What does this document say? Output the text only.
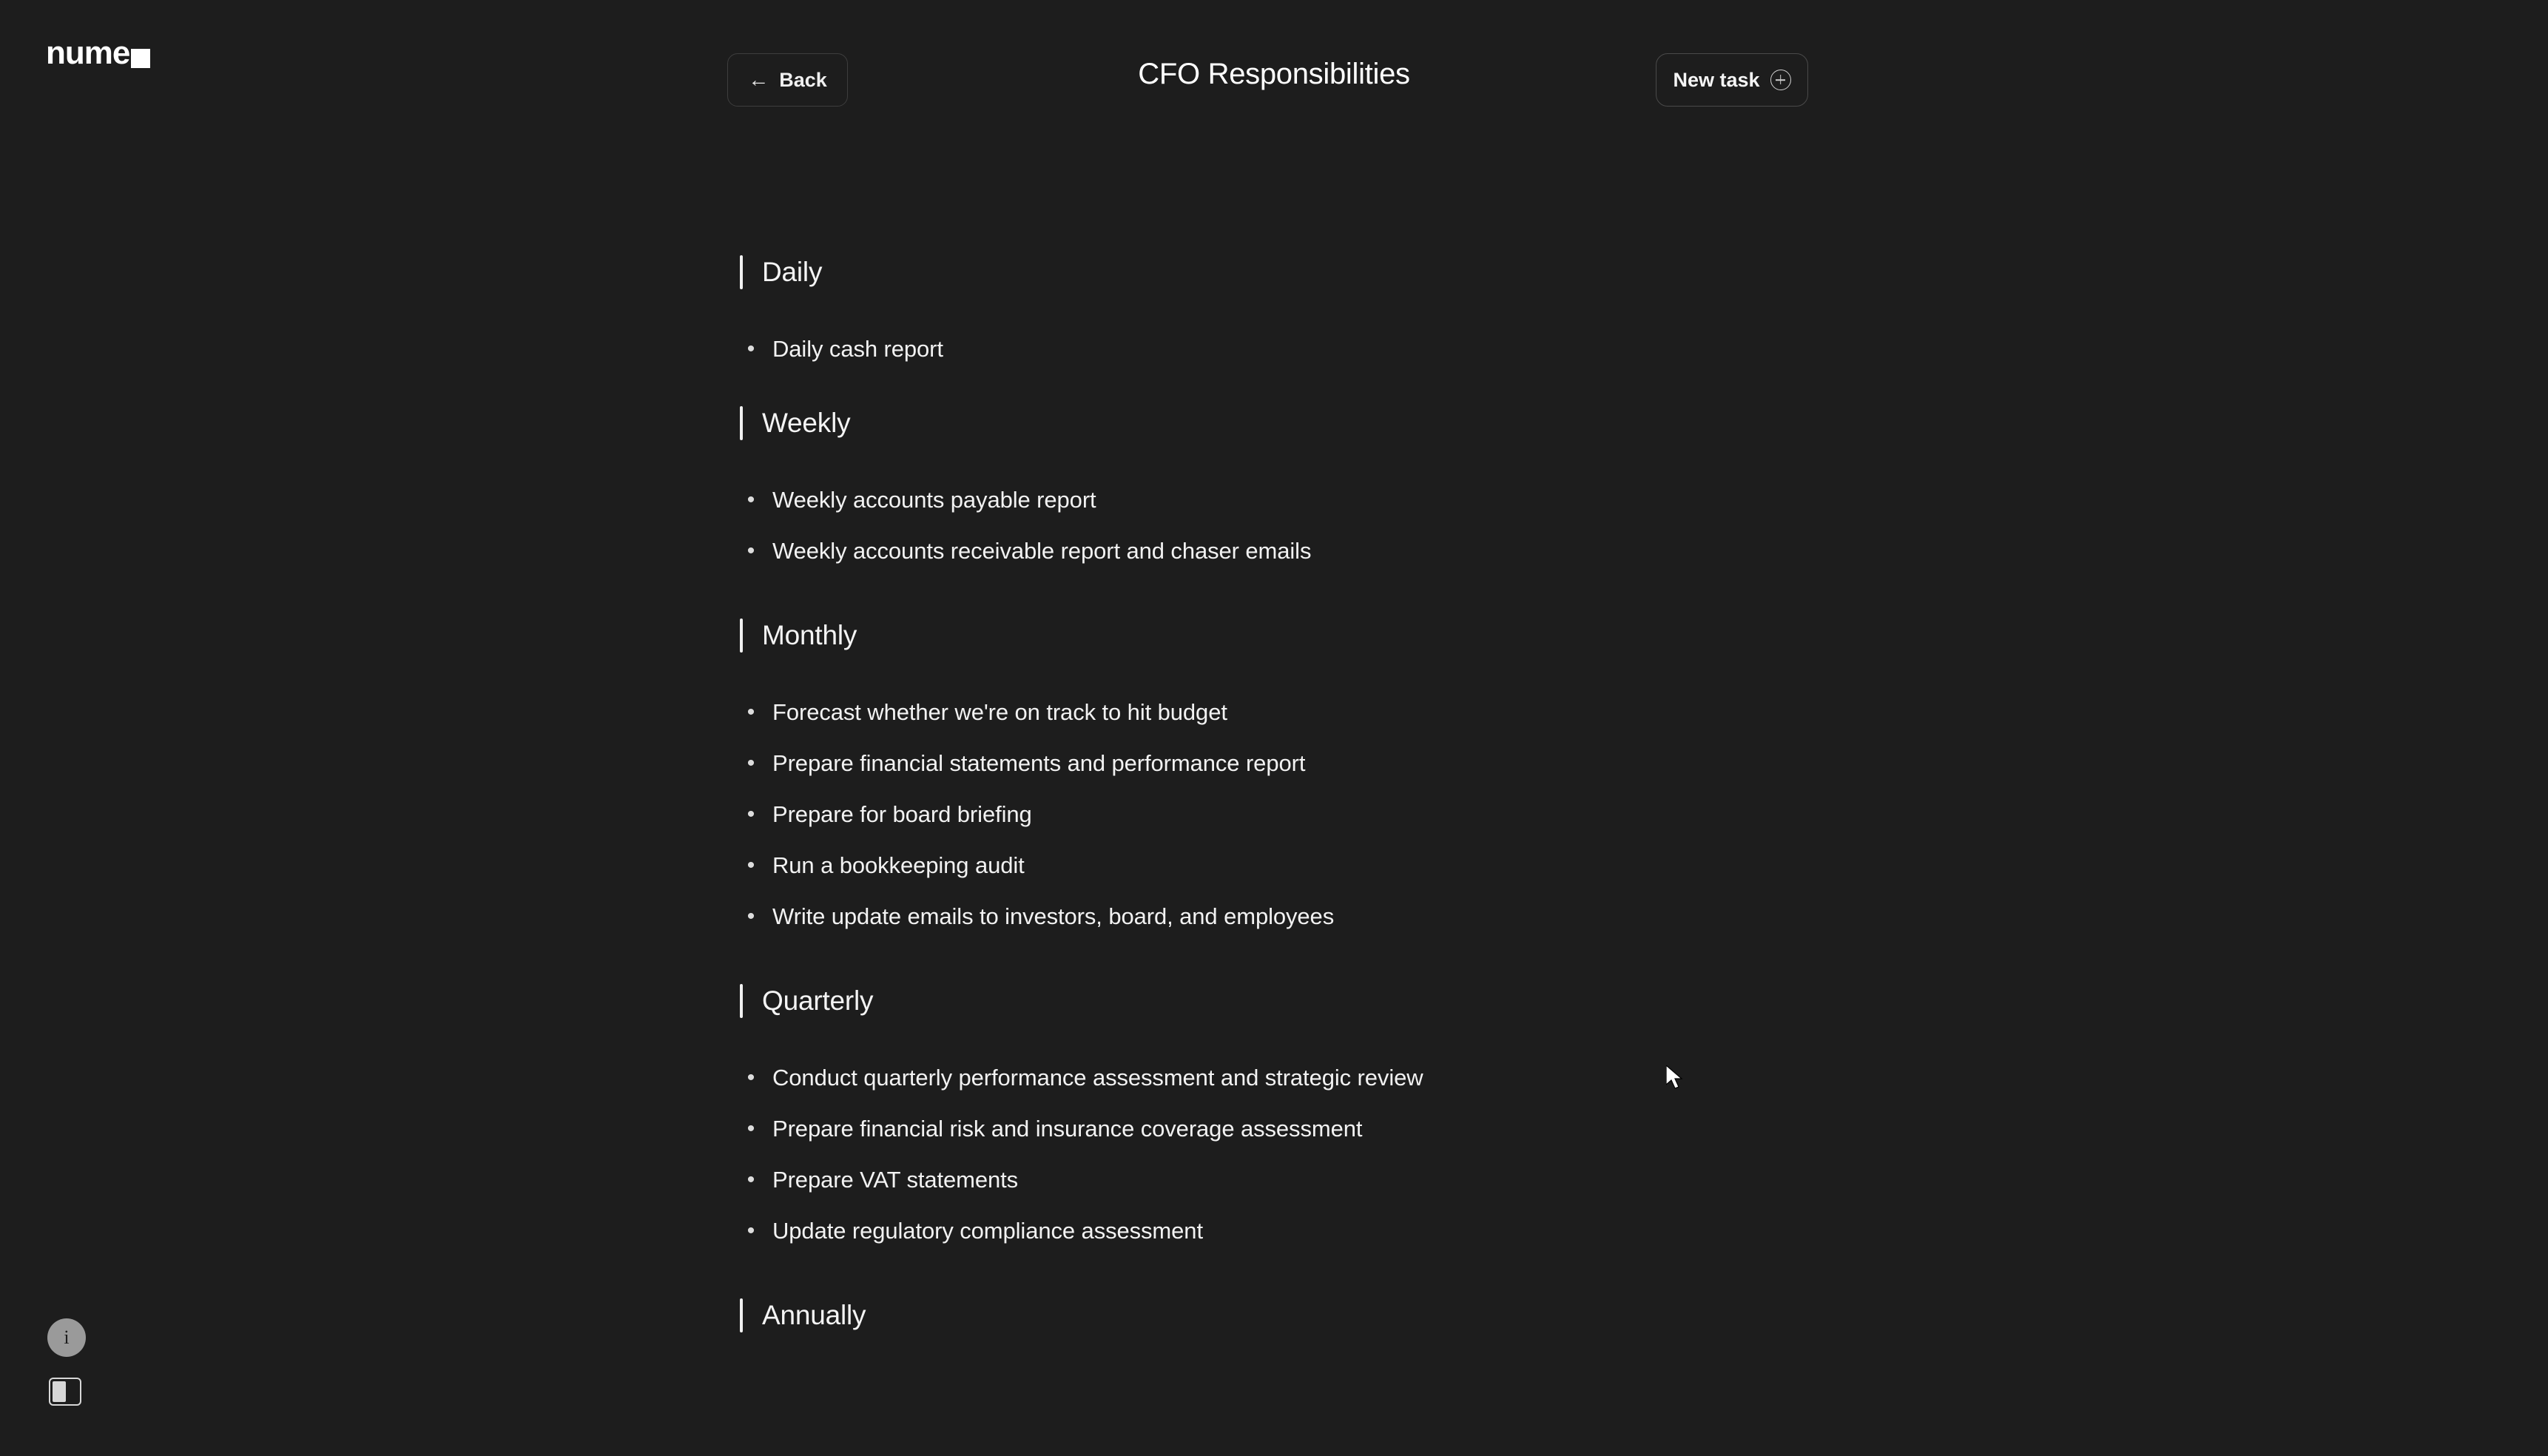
nume
← Back	CFO Responsibilities	New task
Daily
• Daily cash report
Weekly
• Weekly accounts payable report
• Weekly accounts receivable report and chaser emails
Monthly
• Forecast whether we're on track to hit budget
• Prepare financial statements and performance report
• Prepare for board briefing
• Run a bookkeeping audit
• Write update emails to investors, board, and employees
Quarterly
• Conduct quarterly performance assessment and strategic review
• Prepare financial risk and insurance coverage assessment
• Prepare VAT statements
• Update regulatory compliance assessment
Annually
i
